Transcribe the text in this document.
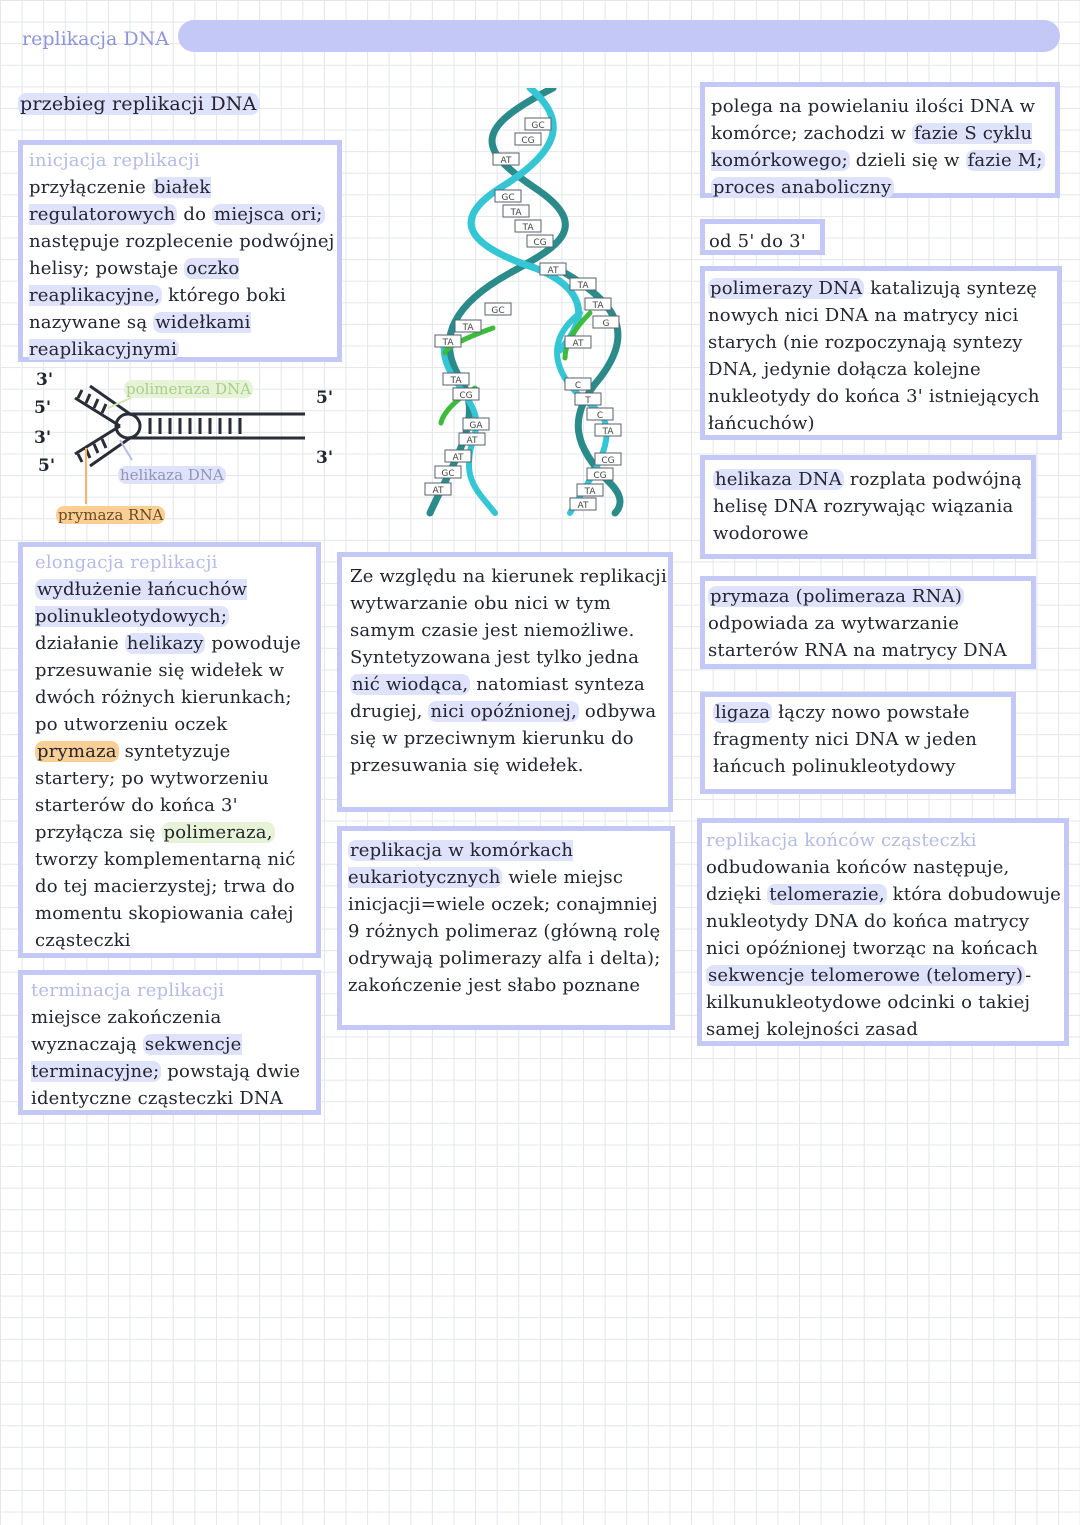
replikacja DNA
przebieg replikacji DNA
inicjacja replikacji
przyłączenie białek regulatorowych do miejsca ori; następuje rozplecenie podwójnej helisy; powstaje oczko reaplikacyjne, którego boki nazywane są widełkami reaplikacyjnymi
3'
5'
3'
5'
5'
3'
polimeraza DNA
helikaza DNA
prymaza RNA
GC
CG
AT
GC
TA
TA
CG
AT
GC
TA
TA
TA
CG
GA
AT
AT
GC
AT
TA
TA
G
AT
C
T
C
TA
CG
CG
TA
AT
polega na powielaniu ilości DNA w komórce; zachodzi w fazie S cyklu komórkowego; dzieli się w fazie M; proces anaboliczny
od 5' do 3'
polimerazy DNA katalizują syntezę nowych nici DNA na matrycy nici starych (nie rozpoczynają syntezy DNA, jedynie dołącza kolejne nukleotydy do końca 3' istniejących łańcuchów)
helikaza DNA rozplata podwójną helisę DNA rozrywając wiązania wodorowe
prymaza (polimeraza RNA) odpowiada za wytwarzanie starterów RNA na matrycy DNA
ligaza łączy nowo powstałe fragmenty nici DNA w jeden łańcuch polinukleotydowy
elongacja replikacji
wydłużenie łańcuchów polinukleotydowych; działanie helikazy powoduje przesuwanie się widełek w dwóch różnych kierunkach; po utworzeniu oczek prymaza syntetyzuje startery; po wytworzeniu starterów do końca 3' przyłącza się polimeraza, tworzy komplementarną nić do tej macierzystej; trwa do momentu skopiowania całej cząsteczki
Ze względu na kierunek replikacji wytwarzanie obu nici w tym samym czasie jest niemożliwe. Syntetyzowana jest tylko jedna nić wiodąca, natomiast synteza drugiej, nici opóźnionej, odbywa się w przeciwnym kierunku do przesuwania się widełek.
replikacja w komórkach eukariotycznych wiele miejsc inicjacji=wiele oczek; conajmniej 9 różnych polimeraz (główną rolę odrywają polimerazy alfa i delta); zakończenie jest słabo poznane
replikacja końców cząsteczki
odbudowania końców następuje, dzięki telomerazie, która dobudowuje nukleotydy DNA do końca matrycy nici opóźnionej tworząc na końcach sekwencje telomerowe (telomery) - kilkunukleotydowe odcinki o takiej samej kolejności zasad
terminacja replikacji
miejsce zakończenia wyznaczają sekwencje terminacyjne; powstają dwie identyczne cząsteczki DNA
